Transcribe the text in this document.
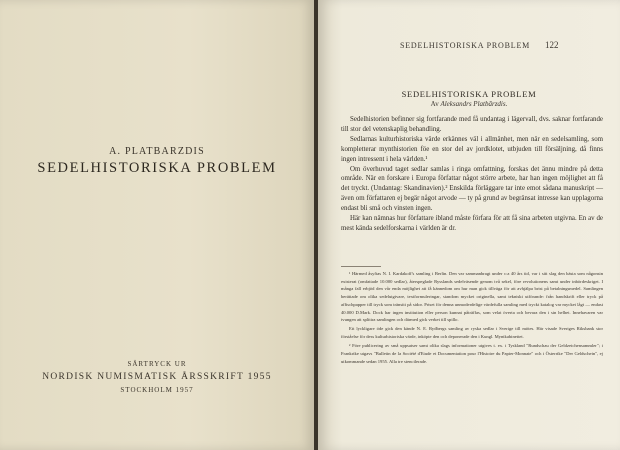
A. PLATBARZDIS
SEDELHISTORISKA PROBLEM
SÄRTRYCK UR
NORDISK NUMISMATISK ÅRSSKRIFT 1955
STOCKHOLM 1957
SEDELHISTORISKA PROBLEM 122
SEDELHISTORISKA PROBLEM
Av Aleksandrs Platbārzdis.

Sedelhistorien befinner sig fortfarande med få undantag i lägervall, dvs. saknar fortfarande till stor del vetenskaplig behandling.

Sedlarnas kulturhistoriska värde erkännes väl i allmänhet, men när en sedelsamling, som kompletterar mynthistorien föe en stor del av jordklotet, utbjuden till försäljning, då finns ingen intressent i hela världen.¹

Om överhuvud taget sedlar samlas i ringa omfattning, forskas det ännu mindre på detta område. När en forskare i Europa författar något större arbete, har han ingen möjlighet att få det tryckt. (Undantag: Skandinavien).² Enskilda förläggare tar inte emot sådana manuskript — även om författaren ej begär något arvode — ty på grund av begränsat intresse kan upplagorna endast bli små och vinsten ingen.

Här kan nämnas hur författare ibland måste förfara för att få sina arbeten utgivna. En av de mest kända sedelforskarna i världen är dr.

¹ Härmed åsyftas N. I. Kardakoff's samling i Berlin. Den var sammanbragt under c:a 40 års tid, var i sitt slag den bästa som någonsin existerat (omfattade 10.000 sedlar), återspeglade Rysslands sedelväsende genom två sekel, före revolutionens samt under inbördeskriget. I många fall erbjöd den vår enda möjlighet att få kännedom om hur man gick tillväga för att avhjälpa brist på betalningsmedel. Samlingen berättade om olika sedelutgivare, textformuleringar, standom mycket originella, samt tekniskt utförande: från handskrift eller tryck på affischpapper till tryck som tränsitt på sidor. Priset för denna unmoderdelige värdefulla samling med tryckt katalog var mycket lågt — endast 40.000 D.Mark. Dock har ingen institution eller person kunnat påträffas, som velat överta och bevara den i sin helhet. Innehavaren var tvungen att splittra samlingen och därmed gick verket till spillo.

Ett lyckligare öde gick den kände N. E. Rydbergs samling av ryska sedlar i Sverige till mötes. Här visade Sveriges Riksbank stor förståelse för dess kulturhistoriska värde, inköpte den och deponerade den i Kungl. Myntkabinettet.

² Före publicering av små uppsatser samt olika slags informationer utgives t. ex. i Tyskland "Rundschau der Geldzeichensammler"; i Frankrike utgavs "Bulletin de la Société d'Etude et Documentation pour l'Histoire du Papier-Monnaie" och i Österrike "Der Geldschein", ej utkommande sedan 1955. Alla tre stencilerade.
